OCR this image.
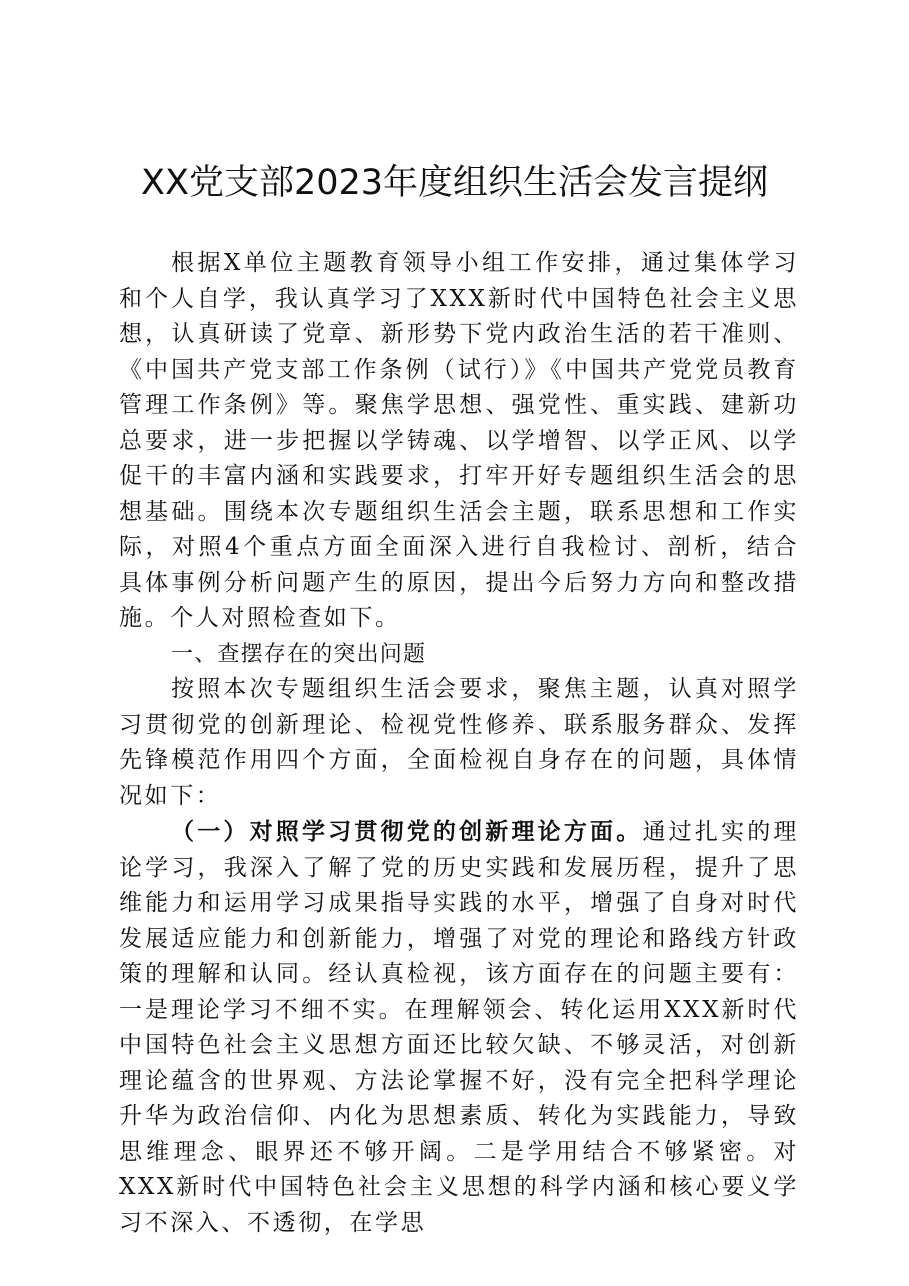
XX党支部2023年度组织生活会发言提纲

根据X单位主题教育领导小组工作安排，通过集体学习和个人自学，我认真学习了XXX新时代中国特色社会主义思想，认真研读了党章、新形势下党内政治生活的若干准则、《中国共产党支部工作条例（试行）》《中国共产党党员教育管理工作条例》等。聚焦学思想、强党性、重实践、建新功总要求，进一步把握以学铸魂、以学增智、以学正风、以学促干的丰富内涵和实践要求，打牢开好专题组织生活会的思想基础。围绕本次专题组织生活会主题，联系思想和工作实际，对照4个重点方面全面深入进行自我检讨、剖析，结合具体事例分析问题产生的原因，提出今后努力方向和整改措施。个人对照检查如下。

一、查摆存在的突出问题

按照本次专题组织生活会要求，聚焦主题，认真对照学习贯彻党的创新理论、检视党性修养、联系服务群众、发挥先锋模范作用四个方面，全面检视自身存在的问题，具体情况如下：

（一）对照学习贯彻党的创新理论方面。通过扎实的理论学习，我深入了解了党的历史实践和发展历程，提升了思维能力和运用学习成果指导实践的水平，增强了自身对时代发展适应能力和创新能力，增强了对党的理论和路线方针政策的理解和认同。经认真检视，该方面存在的问题主要有：一是理论学习不细不实。在理解领会、转化运用XXX新时代中国特色社会主义思想方面还比较欠缺、不够灵活，对创新理论蕴含的世界观、方法论掌握不好，没有完全把科学理论升华为政治信仰、内化为思想素质、转化为实践能力，导致思维理念、眼界还不够开阔。二是学用结合不够紧密。对XXX新时代中国特色社会主义思想的科学内涵和核心要义学习不深入、不透彻，在学思
